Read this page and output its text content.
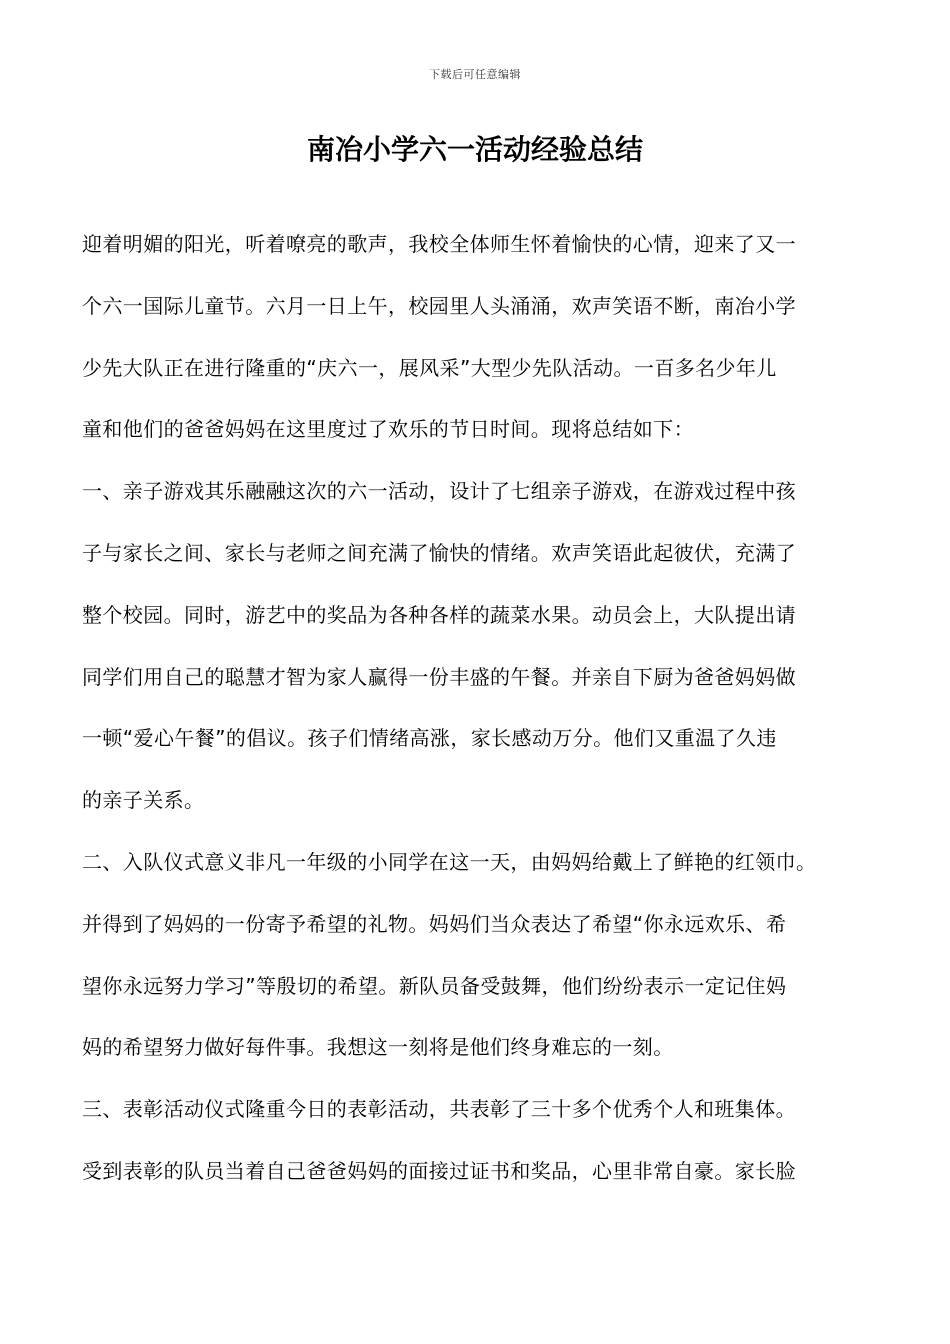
下载后可任意编辑
南冶小学六一活动经验总结
迎着明媚的阳光，听着嘹亮的歌声，我校全体师生怀着愉快的心情，迎来了又一
个六一国际儿童节。六月一日上午，校园里人头涌涌，欢声笑语不断，南冶小学
少先大队正在进行隆重的“庆六一，展风采”大型少先队活动。一百多名少年儿
童和他们的爸爸妈妈在这里度过了欢乐的节日时间。现将总结如下：
一、亲子游戏其乐融融这次的六一活动，设计了七组亲子游戏，在游戏过程中孩
子与家长之间、家长与老师之间充满了愉快的情绪。欢声笑语此起彼伏，充满了
整个校园。同时，游艺中的奖品为各种各样的蔬菜水果。动员会上，大队提出请
同学们用自己的聪慧才智为家人赢得一份丰盛的午餐。并亲自下厨为爸爸妈妈做
一顿“爱心午餐”的倡议。孩子们情绪高涨，家长感动万分。他们又重温了久违
的亲子关系。
二、入队仪式意义非凡一年级的小同学在这一天，由妈妈给戴上了鲜艳的红领巾。
并得到了妈妈的一份寄予希望的礼物。妈妈们当众表达了希望“你永远欢乐、希
望你永远努力学习”等殷切的希望。新队员备受鼓舞，他们纷纷表示一定记住妈
妈的希望努力做好每件事。我想这一刻将是他们终身难忘的一刻。
三、表彰活动仪式隆重今日的表彰活动，共表彰了三十多个优秀个人和班集体。
受到表彰的队员当着自己爸爸妈妈的面接过证书和奖品，心里非常自豪。家长脸
